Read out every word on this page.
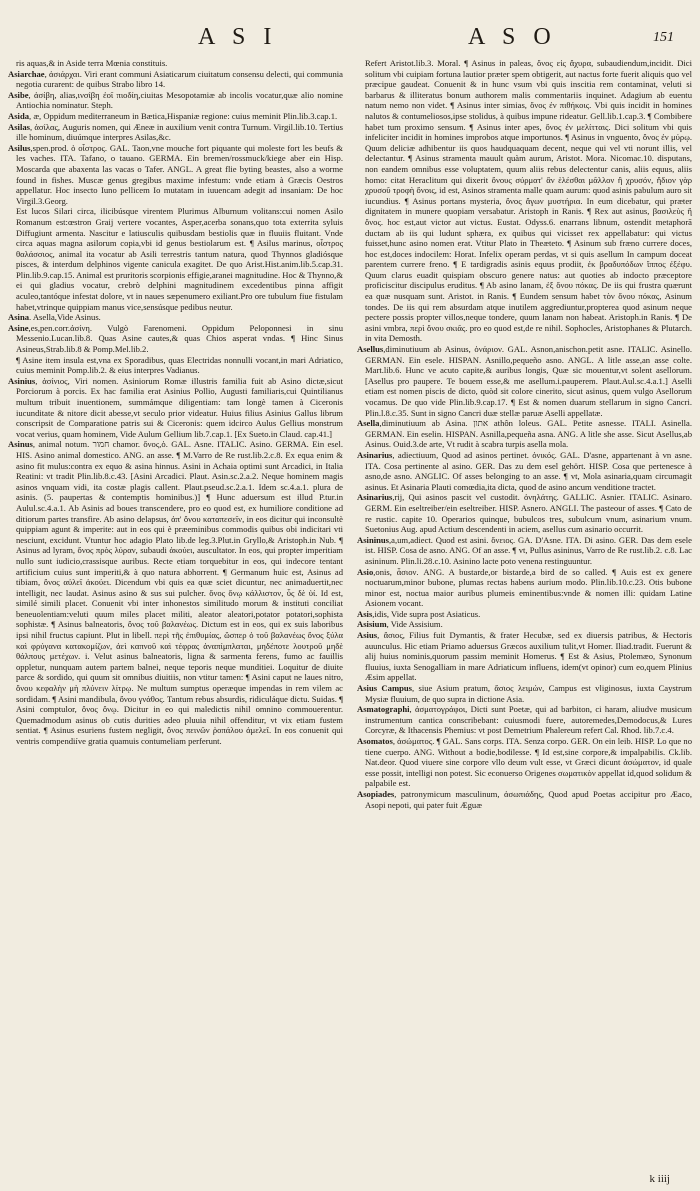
A S I	A S O	151

ris aquas,& in Aside terra Mœnia constituis.

Asiarchae, ἀσιάρχαι. Viri erant communi Asiaticarum ciuitatum consensu delecti, qui communia negotia curarent: de quibus Strabo libro 14.

Asibe, ἀσίβη, alias,ινσίβη ἐοῖ πιοδίη,ciuitas Mesopotamiæ ab incolis vocatur,quæ alio nomine Antiochia nominatur. Steph.

Asida, æ, Oppidum mediterraneum in Bætica,Hispaniæ regione: cuius meminit Plin.lib.3.cap.1.

Asilas, ἀσίλας, Auguris nomen, qui Æneæ in auxilium venit contra Turnum. Virgil.lib.10. Tertius ille hominum, diuúmque interpres Asilas,&c.

Asilus,spen.prod. ὁ οἶστρος. GAL. Taon,vne mouche fort piquante qui moleste fort les beufs & les vaches. ITA. Tafano, o tauano. GERMA. Ein bremen/rossmuck/kiege aber ein Hisp. Moscarda que abaxenta las vacas o Tafer. ANGL. A great flie byting beastes, also a worme found in fishes. Muscæ genus gregibus maxime infestum: vnde etiam à Græcis Oestros appellatur. Hoc insecto Iuno pellicem Io mutatam in iuuencam adegit ad insaniam: De hoc Virgil.3.Georg.

Est lucos Silari circa, ilicibúsque virentem Plurimus Alburnum volitans:cui nomen Asilo Romanum est:œstron Graij vertere vocantes, Asper,acerba sonans,quo tota exterrita syluis Diffugiunt armenta. Nascitur e latiusculis quibusdam bestiolis quæ in fluuiis fluitant. Vnde circa aquas magna asilorum copia,vbi id genus bestiolarum est. ¶ Asilus marinus, οἶστρος θαλάσσιος, animal ita vocatur ab Asili terrestris tantum natura, quod Thynnos gladiósque pisces, & interdum delphinos vigente canicula exagitet. De quo Arist.Hist.anim.lib.5.cap.31. Plin.lib.9.cap.15. Animal est pruritoris scorpionis effigie,aranei magnitudine. Hoc & Thynno,& ei qui gladius vocatur, crebrò delphini magnitudinem excedentibus pinna affigit aculeo,tantóque infestat dolore, vt in naues sæpenumero exiliant.Pro ore tubulum fiue fistulam habet,vtrinque quippiam manus vice,sensúsque pedibus neutur.

Asina. Asella,Vide Asinus.

Asine,es,pen.corr.ἀσίνη. Vulgò Farenomeni. Oppidum Peloponnesi in sinu Messenio.Lucan.lib.8. Quas Asine cautes,& quas Chios asperat vndas. ¶ Hinc Sinus Asineus,Strab.lib.8 & Pomp.Mel.lib.2.

¶ Asine item insula est,vna ex Sporadibus, quas Electridas nonnulli vocant,in mari Adriatico, cuius meminit Pomp.lib.2. & eius interpres Vadianus.

Asinius, ἀσίνιος, Viri nomen. Asiniorum Romæ illustris familia fuit ab Asino dictæ,sicut Porciorum à porcis. Ex hac familia erat Asinius Pollio, Augusti familiaris,cui Quintilianus multum tribuit inuentionem, summámque diligentiam: tam longè tamen à Ciceronis iucunditate & nitore dicit abesse,vt seculo prior videatur. Huius filius Asinius Gallus librum conscripsit de Comparatione patris sui & Ciceronis: quem idcirco Aulus Gellius monstrum vocat verius, quam hominem, Vide Aulum Gellium lib.7.cap.1. [Ex Sueto.in Claud. cap.41.]

Asinus, animal notum. חמור chamor. ὄνος,ὁ. GAL. Asne. ITALIC. Asino. GERMA. Ein esel. HIS. Asino animal domestico. ANG. an asse. ¶ M.Varro de Re rust.lib.2.c.8. Ex equa enim & asino fit mulus:contra ex equo & asina hinnus. Asini in Achaia optimi sunt Arcadici, in Italia Reatini: vt tradit Plin.lib.8.c.43. [Asini Arcadici. Plaut. Asin.sc.2.a.2. Neque hominem magis asinos vnquam vidi, ita costæ plagis callent. Plaut.pseud.sc.2.a.1. Idem sc.4.a.1. plura de asinis. (5. paupertas & contemptis hominibus.)] ¶ Hunc aduersum est illud P.tur.in Aulul.sc.4.a.1. Ab Asinis ad boues transcendere, pro eo quod est, ex humiliore conditione ad ditiorum partes transfire. Ab asino delapsus, ἀπ' ὄνου καταπεσεῖν, in eos dicitur qui inconsultè quippiam agunt & imperite: aut in eos qui è præeminibus commodis quibus obi indicitari vti nesciunt, excidunt. Vtuntur hoc adagio Plato lib.de leg.3.Plut.in Gryllo,& Aristoph.in Nub. ¶ Asinus ad lyram, ὄνος πρὸς λύραν, subaudi ἀκούει, auscultator. In eos, qui propter imperitiam nullo sunt iudicio,crassisque auribus. Recte etiam torquebitur in eos, qui indecore tentant artificium cuius sunt imperiti,& à quo natura abhorrent. ¶ Germanum huic est, Asinus ad tibiam, ὄνος αὐλεῖ ἀκούει. Dicendum vbi quis ea quæ sciet dicuntur, nec animaduertit,nec intelligit, nec laudat. Asinus asino & sus sui pulcher. ὄνος ὄνῳ κάλλιστον, ὗς δὲ ὑί. Id est, similé simili placet. Conuenit vbi inter inhonestos similitudo morum & instituti conciliat beneuolentiam:veluti quum miles placet militi, aleator aleatori,potator potatori,sophista sophistæ. ¶ Asinus balneatoris, ὄνος τοῦ βαλανέως. Dictum est in eos, qui ex suis laboribus ipsi nihil fructus capiunt. Plut in libell. περὶ τῆς ἐπιθυμίας, ὥσπερ ὁ τοῦ βαλανέως ὄνος ξύλα καὶ φρύγανα κατακομίζων, ἀεὶ καπνοῦ καὶ τέφρας ἀναπίμπλαται, μηδέποτε λουτροῦ μηδὲ θάλπους μετέχων. i. Velut asinus balneatoris, ligna & sarmenta ferens, fumo ac fauillis oppletur, nunquam autem partem balnei, neque teporis neque munditiei. Loquitur de diuite parce & sordido, qui quum sit omnibus diuitiis, non vtitur tamen: ¶ Asini caput ne laues nitro, ὄνου κεφαλὴν μὴ πλύνειν λίτρῳ. Ne multum sumptus operæque impendas in rem vilem ac sordidam. ¶ Asini mandibula, ὄνου γνάθος. Tantum rebus absurdis, ridiculáque dictu. Suidas. ¶ Asini comptulor, ὄνος ὄνῳ. Dicitur in eo qui maledictis nihil omnino commouerentur. Quemadmodum asinus ob cutis durities adeo pluuia nihil offenditur, vt vix etiam fustem sentiat. ¶ Asinus esuriens fustem negligit, ὄνος πεινῶν ῥοπάλου ἀμελεῖ. In eos conuenit qui ventris compendiíve gratia quamuis contumeliam perferunt.

Refert Aristot.lib.3. Moral. ¶ Asinus in paleas, ὄνος εἰς ἄχυρα, subaudiendum,incidit. Dici solitum vbi cuipiam fortuna lautior præter spem obtigerit, aut nactus forte fuerit aliquis quo vel præcipue gaudeat. Conuenit & in hunc vsum vbi quis inscitia rem contaminat, veluti si barbarus & illiteratus bonum authorem malis commentariis inquinet. Adagium ab euentu natum nemo non videt. ¶ Asinus inter simias, ὄνος ἐν πιθήκοις. Vbi quis incidit in homines nalutos & contumeliosos,ipse stolidus, à quibus impune rideatur. Gell.lib.1.cap.3. ¶ Combibere habet tum proximo sensum. ¶ Asinus inter apes, ὄνος ἐν μελίτταις. Dici solitum vbi quis infeliciter incidit in homines improbos atque importunos. ¶ Asinus in vnguento, ὄνος ἐν μύρῳ. Quum deliciæ adhibentur iis quos haudquaquam decent, neque qui vel vti norunt illis, vel delectantur. ¶ Asinus stramenta mauult quàm aurum, Aristot. Mora. Nicomac.10. disputans, non eandem omnibus esse voluptatem, quum aliis rebus delectentur canis, aliis equus, aliis homo: citat Heraclitum qui dixerit ὄνους σύρματ' ἂν ἑλέσθαι μᾶλλον ἢ χρυσόν, ἥδιον γὰρ χρυσοῦ τροφὴ ὄνοις, id est, Asinos stramenta malle quam aurum: quod asinis pabulum auro sit iucundius. ¶ Asinus portans mysteria, ὄνος ἄγων μυστήρια. In eum dicebatur, qui præter dignitatem in munere quopiam versabatur. Aristoph in Ranis. ¶ Rex aut asinus, βασιλεὺς ἢ ὄνος. hoc est,aut victor aut victus. Eustat. Odyss.6. enarrans libnum, ostendit metaphorā ductam ab iis qui ludunt sphæra, ex quibus qui vicisset rex appellabatur: qui victus fuisset,hunc asino nomen erat. Vtitur Plato in Theæteto. ¶ Asinum sub fræno currere doces, hoc est,doces indocilem: Horat. Infelix operam perdas, vt si quis asellum In campum doceat parentem currere freno. ¶ E tardigradis asinis equus prodiit, ἐκ βραδυπόδων ἵππος ἐξέφυ. Quum clarus euadit quispiam obscuro genere natus: aut quoties ab indocto præceptore proficiscitur discipulus eruditus. ¶ Ab asino lanam, ἐξ ὄνου πόκας. De iis qui frustra quærunt ea quæ nusquam sunt. Aristot. in Ranis. ¶ Eundem sensum habet τὸν ὄνου πόκας, Asinum tondes. De iis qui rem absurdam atque inutilem aggrediuntur,propterea quod asinum neque pectere possis propter villos,neque tondere, quum lanam non habeat. Aristoph.in Ranis. ¶ De asini vmbra, περὶ ὄνου σκιᾶς. pro eo quod est,de re nihil. Sophocles, Aristophanes & Plutarch. in vita Demosth.

Asellus,diminutiuum ab Asinus, ὀνάριον. GAL. Asnon,anischon.petit asne. ITALIC. Asinello. GERMAN. Ein esele. HISPAN. Asnillo,pequeño asno. ANGL. A litle asse,an asse colte. Mart.lib.6. Hunc ve acuto capite,& auribus longis, Quæ sic mouentur,vt solent asellorum. [Asellus pro paupere. Te bouem esse,& me asellum.i.pauperem. Plaut.Aul.sc.4.a.1.] Aselli etiam est nomen piscis de dicto, quòd sit colore cinerito, sicut asinus, quem vulgo Asellorum vocamus. De quo vide Plin.lib.9.cap.17. ¶ Est & nomen duarum stellarum in signo Cancri. Plin.l.8.c.35. Sunt in signo Cancri duæ stellæ paruæ Aselli appellatæ.

Asella,diminutiuum ab Asina. אתון athôn loleus. GAL. Petite asnesse. ITALI. Asinella. GERMAN. Ein eselin. HISPAN. Asnilla,pequeña asna. ANG. A litle she asse. Sicut Asellus,ab Asinus. Ouid.3.de arte, Vt rudit à scabra turpis asella mola.

Asinarius, adiectiuum, Quod ad asinos pertinet. ὀνικός. GAL. D'asne, appartenant à vn asne. ITA. Cosa pertinente al asino. GER. Das zu dem esel gehört. HISP. Cosa que pertenesce à asno,de asno. ANGLIC. Of asses belonging to an asse. ¶ vt, Mola asinaria,quam circumagit asinus. Et Asinaria Plauti comœdia,ita dicta, quod de asino ancum venditione tractet.

Asinarius,rij, Qui asinos pascit vel custodit. ὀνηλάτης. GALLIC. Asnier. ITALIC. Asinaro. GERM. Ein eseltreiber/ein eseltreiber. HISP. Asnero. ANGLI. The pasteour of asses. ¶ Cato de re rustic. capite 10. Operarios quinque, bubulcos tres, subulcum vnum, asinarium vnum. Suetonius Aug. apud Actium descendenti in aciem, asellus cum asinario occurrit.

Asininus,a,um,adiect. Quod est asini. ὄνειος. GA. D'Asne. ITA. Di asino. GER. Das dem esele ist. HISP. Cosa de asno. ANG. Of an asse. ¶ vt, Pullus asininus, Varro de Re rust.lib.2. c.8. Lac asininum. Plin.li.28.c.10. Asinino lacte poto venena restinguuntur.

Asio,onis, ἆσιον. ANG. A bustarde,or bistarde,a bird de so called. ¶ Auis est ex genere noctuarum,minor bubone, plumas rectas habens aurium modo. Plin.lib.10.c.23. Otis bubone minor est, noctua maior auribus plumeis eminentibus:vnde & nomen illi: quidam Latine Asionem vocant.

Asis,idis, Vide supra post Asiaticus.

Asisium, Vide Assisium.

Asius, ἄσιος, Filius fuit Dymantis, & frater Hecubæ, sed ex diuersis patribus, & Hectoris auunculus. Hic etiam Priamo aduersus Græcos auxilium tulit,vt Homer. Iliad.tradit. Fuerunt & alij huius nominis,quorum passim meminit Homerus. ¶ Est & Asius, Ptolemæo, Synonum fluuius, iuxta Senogalliam in mare Adriaticum influens, idem(vt opinor) cum eo,quem Plinius Æsim appellat.

Asius Campus, siue Asium pratum, ἄσιος λειμών, Campus est vliginosus, iuxta Caystrum Mysiæ fluuium, de quo supra in dictione Asia.

Asmatographi, ἀσματογράφοι, Dicti sunt Poetæ, qui ad barbiton, ci haram, aliudve musicum instrumentum cantica conscribebant: cuiusmodi fuere, autoremedes,Demodocus,& Lures Corcyræ, & Ithacensis Phemius: vt post Demetrium Phalereum refert Cal. Rhod. lib.7.c.4.

Asomatos, ἀσώματος. ¶ GAL. Sans corps. ITA. Senza corpo. GER. On ein leib. HISP. Lo que no tiene cuerpo. ANG. Without a bodie,bodilesse. ¶ Id est,sine corpore,& impalpabilis. Ck.lib. Nat.deor. Quod viuere sine corpore vllo deum vult esse, vt Græci dicunt ἀσώματον, id quale esse possit, intelligi non potest. Sic econuerso Origenes σωματικὸν appellat id,quod solidum & palpabile est.

Asopiades, patronymicum masculinum, ἀσωπιάδης, Quod apud Poetas accipitur pro Æaco, Asopi nepoti, qui pater fuit Æguæ

k iiij
